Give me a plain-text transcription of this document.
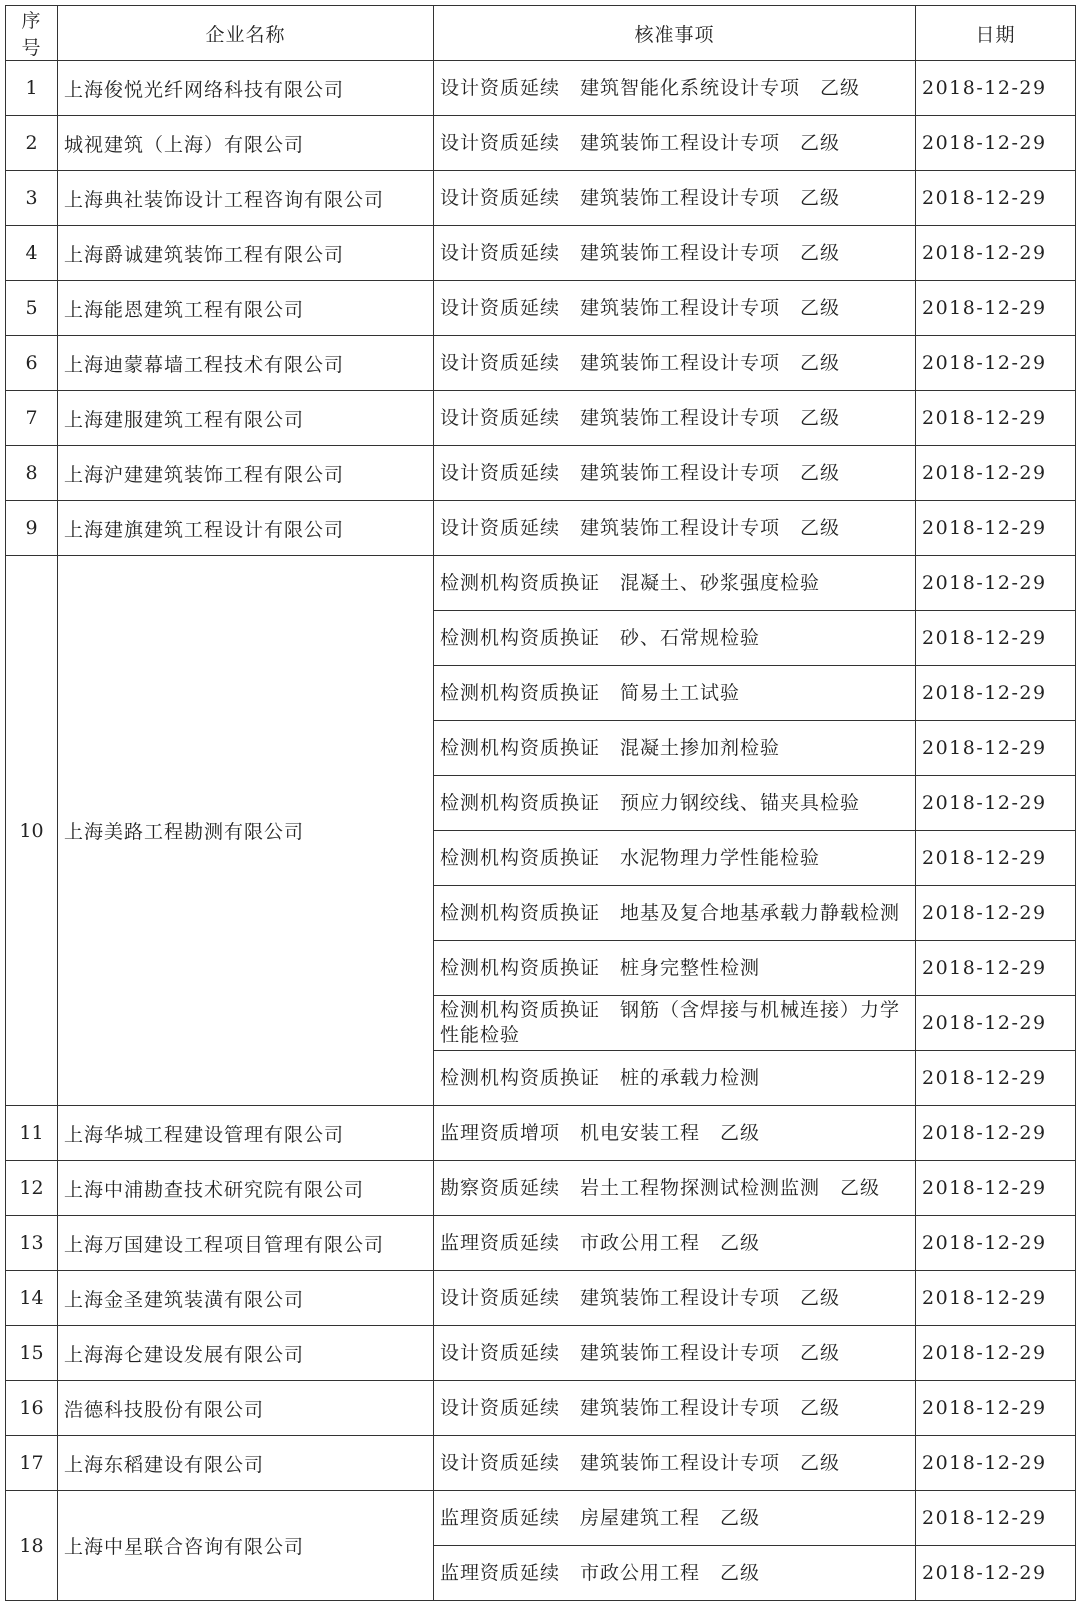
序号	企业名称	核准事项	日期
1	上海俊悦光纤网络科技有限公司	设计资质延续　建筑智能化系统设计专项　乙级	2018-12-29
2	城视建筑（上海）有限公司	设计资质延续　建筑装饰工程设计专项　乙级	2018-12-29
3	上海典社装饰设计工程咨询有限公司	设计资质延续　建筑装饰工程设计专项　乙级	2018-12-29
4	上海爵诚建筑装饰工程有限公司	设计资质延续　建筑装饰工程设计专项　乙级	2018-12-29
5	上海能恩建筑工程有限公司	设计资质延续　建筑装饰工程设计专项　乙级	2018-12-29
6	上海迪蒙幕墙工程技术有限公司	设计资质延续　建筑装饰工程设计专项　乙级	2018-12-29
7	上海建服建筑工程有限公司	设计资质延续　建筑装饰工程设计专项　乙级	2018-12-29
8	上海沪建建筑装饰工程有限公司	设计资质延续　建筑装饰工程设计专项　乙级	2018-12-29
9	上海建旗建筑工程设计有限公司	设计资质延续　建筑装饰工程设计专项　乙级	2018-12-29
10	上海美路工程勘测有限公司	检测机构资质换证　混凝土、砂浆强度检验	2018-12-29
		检测机构资质换证　砂、石常规检验	2018-12-29
		检测机构资质换证　简易土工试验	2018-12-29
		检测机构资质换证　混凝土掺加剂检验	2018-12-29
		检测机构资质换证　预应力钢绞线、锚夹具检验	2018-12-29
		检测机构资质换证　水泥物理力学性能检验	2018-12-29
		检测机构资质换证　地基及复合地基承载力静载检测	2018-12-29
		检测机构资质换证　桩身完整性检测	2018-12-29
		检测机构资质换证　钢筋（含焊接与机械连接）力学性能检验	2018-12-29
		检测机构资质换证　桩的承载力检测	2018-12-29
11	上海华城工程建设管理有限公司	监理资质增项　机电安装工程　乙级	2018-12-29
12	上海中浦勘查技术研究院有限公司	勘察资质延续　岩土工程物探测试检测监测　乙级	2018-12-29
13	上海万国建设工程项目管理有限公司	监理资质延续　市政公用工程　乙级	2018-12-29
14	上海金圣建筑装潢有限公司	设计资质延续　建筑装饰工程设计专项　乙级	2018-12-29
15	上海海仑建设发展有限公司	设计资质延续　建筑装饰工程设计专项　乙级	2018-12-29
16	浩德科技股份有限公司	设计资质延续　建筑装饰工程设计专项　乙级	2018-12-29
17	上海东稻建设有限公司	设计资质延续　建筑装饰工程设计专项　乙级	2018-12-29
18	上海中星联合咨询有限公司	监理资质延续　房屋建筑工程　乙级	2018-12-29
		监理资质延续　市政公用工程　乙级	2018-12-29
